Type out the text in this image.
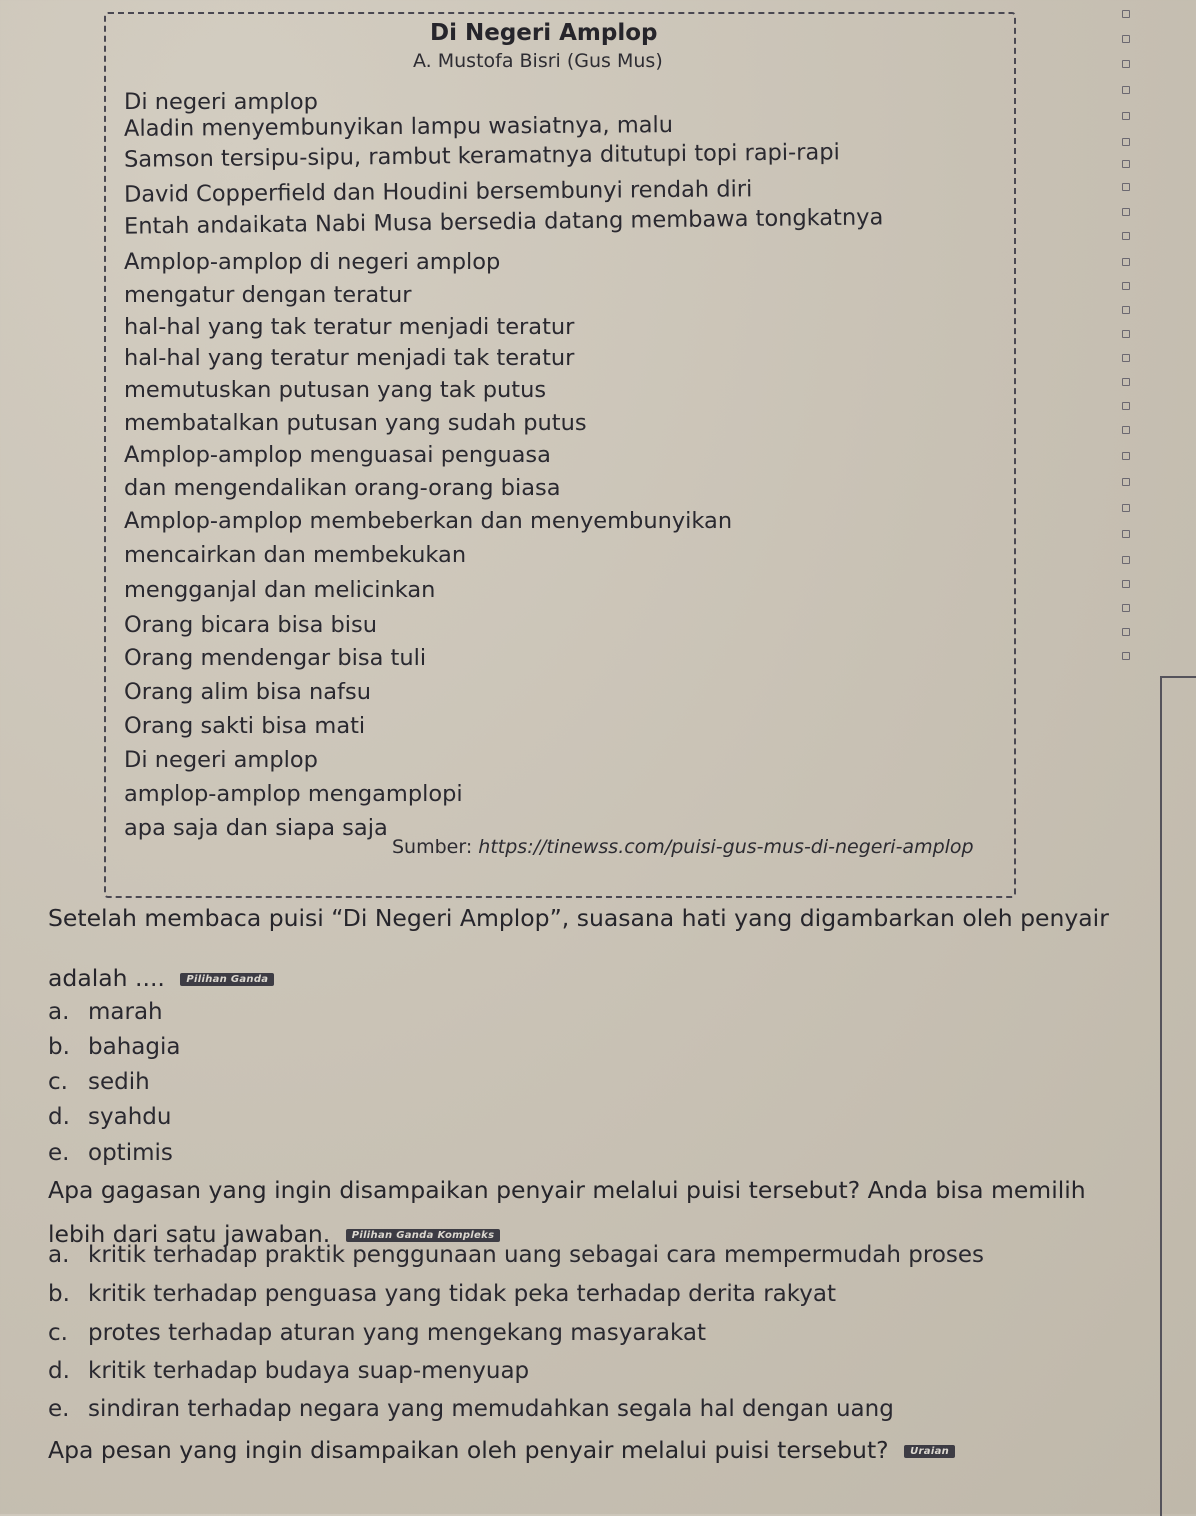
Di Negeri Amplop
A. Mustofa Bisri (Gus Mus)
Di negeri amplop
Aladin menyembunyikan lampu wasiatnya, malu
Samson tersipu-sipu, rambut keramatnya ditutupi topi rapi-rapi
David Copperfield dan Houdini bersembunyi rendah diri
Entah andaikata Nabi Musa bersedia datang membawa tongkatnya
Amplop-amplop di negeri amplop
mengatur dengan teratur
hal-hal yang tak teratur menjadi teratur
hal-hal yang teratur menjadi tak teratur
memutuskan putusan yang tak putus
membatalkan putusan yang sudah putus
Amplop-amplop menguasai penguasa
dan mengendalikan orang-orang biasa
Amplop-amplop membeberkan dan menyembunyikan
mencairkan dan membekukan
mengganjal dan melicinkan
Orang bicara bisa bisu
Orang mendengar bisa tuli
Orang alim bisa nafsu
Orang sakti bisa mati
Di negeri amplop
amplop-amplop mengamplopi
apa saja dan siapa saja
Sumber: https://tinewss.com/puisi-gus-mus-di-negeri-amplop
Setelah membaca puisi “Di Negeri Amplop”, suasana hati yang digambarkan oleh penyair
adalah .... Pilihan Ganda
a. marah
b. bahagia
c. sedih
d. syahdu
e. optimis
Apa gagasan yang ingin disampaikan penyair melalui puisi tersebut? Anda bisa memilih
lebih dari satu jawaban. Pilihan Ganda Kompleks
a. kritik terhadap praktik penggunaan uang sebagai cara mempermudah proses
b. kritik terhadap penguasa yang tidak peka terhadap derita rakyat
c. protes terhadap aturan yang mengekang masyarakat
d. kritik terhadap budaya suap-menyuap
e. sindiran terhadap negara yang memudahkan segala hal dengan uang
Apa pesan yang ingin disampaikan oleh penyair melalui puisi tersebut? Uraian
